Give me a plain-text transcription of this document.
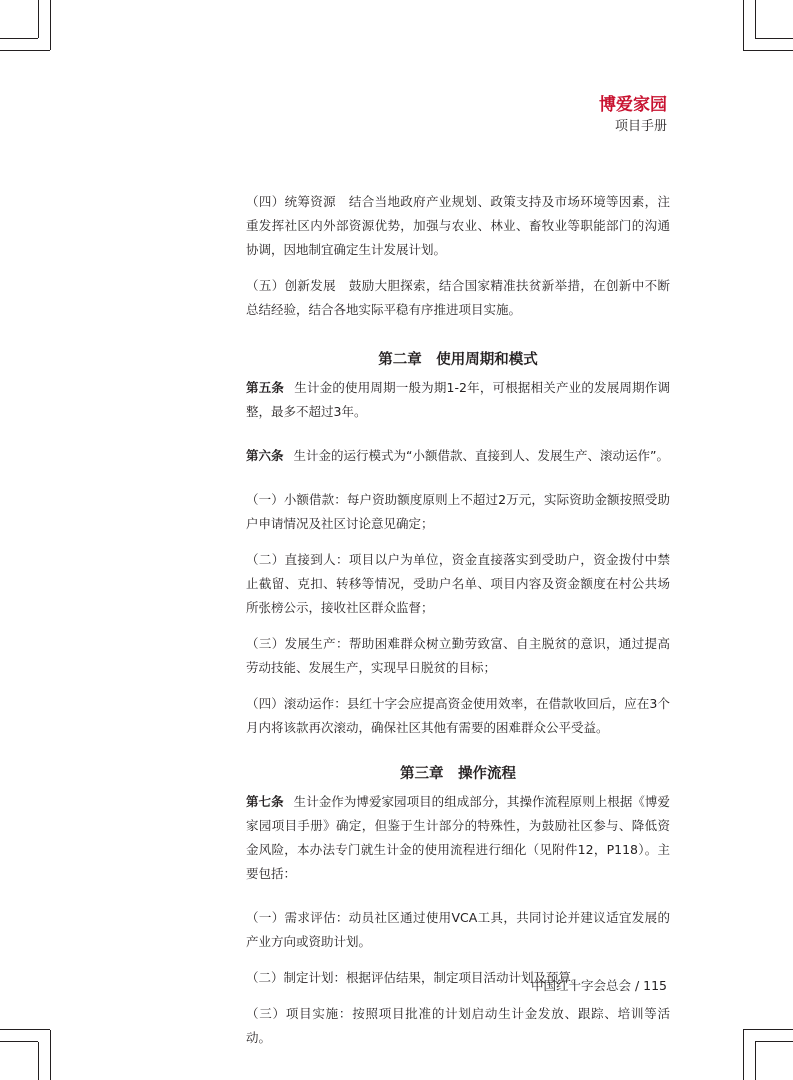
博爱家园
项目手册

（四）统筹资源　结合当地政府产业规划、政策支持及市场环境等因素，注重发挥社区内外部资源优势，加强与农业、林业、畜牧业等职能部门的沟通协调，因地制宜确定生计发展计划。

（五）创新发展　鼓励大胆探索，结合国家精准扶贫新举措，在创新中不断总结经验，结合各地实际平稳有序推进项目实施。

第二章　使用周期和模式

第五条 生计金的使用周期一般为期1-2年，可根据相关产业的发展周期作调整，最多不超过3年。

第六条 生计金的运行模式为“小额借款、直接到人、发展生产、滚动运作”。

（一）小额借款：每户资助额度原则上不超过2万元，实际资助金额按照受助户申请情况及社区讨论意见确定；

（二）直接到人：项目以户为单位，资金直接落实到受助户，资金拨付中禁止截留、克扣、转移等情况，受助户名单、项目内容及资金额度在村公共场所张榜公示，接收社区群众监督；

（三）发展生产：帮助困难群众树立勤劳致富、自主脱贫的意识，通过提高劳动技能、发展生产，实现早日脱贫的目标；

（四）滚动运作：县红十字会应提高资金使用效率，在借款收回后，应在3个月内将该款再次滚动，确保社区其他有需要的困难群众公平受益。

第三章　操作流程

第七条 生计金作为博爱家园项目的组成部分，其操作流程原则上根据《博爱家园项目手册》确定，但鉴于生计部分的特殊性，为鼓励社区参与、降低资金风险，本办法专门就生计金的使用流程进行细化（见附件12，P118）。主要包括：

（一）需求评估：动员社区通过使用VCA工具，共同讨论并建议适宜发展的产业方向或资助计划。

（二）制定计划：根据评估结果，制定项目活动计划及预算。

（三）项目实施：按照项目批准的计划启动生计金发放、跟踪、培训等活动。

中国红十字会总会 / 115
